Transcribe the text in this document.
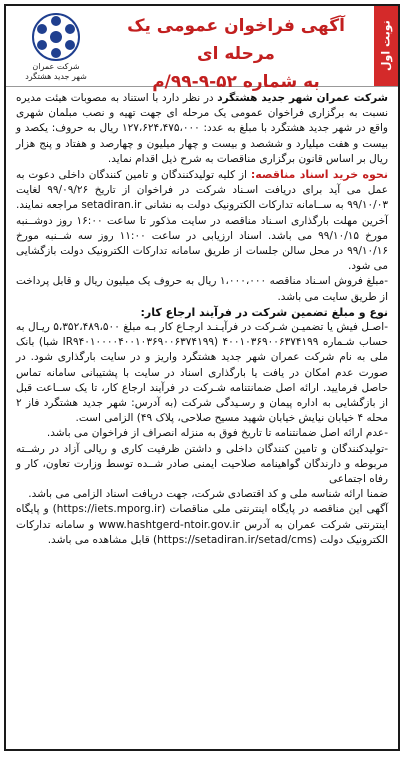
نوبت اول
آگهی فراخوان عمومی یک مرحله ای
به شماره ۵۲-۹-۹۹/م
شرکت عمران
شهر جدید هشتگرد

شرکت عمران شهر جدید هشتگرد در نظر دارد با استناد به مصوبات هیئت مدیره نسبت به برگزاری فراخوان عمومی یک مرحله ای جهت تهیه و نصب مبلمان شهری واقع در شهر جدید هشتگرد با مبلغ به عدد: ۱۲۷،۶۲۴،۴۷۵،۰۰۰ ریال به حروف: یکصد و بیست و هفت میلیارد و ششصد و بیست و چهار میلیون و چهارصد و هفتاد و پنج هزار ریال بر اساس قانون برگزاری مناقصات به شرح ذیل اقدام نماید.

نحوه خرید اسناد مناقصه: از کلیه تولیدکنندگان و تامین کنندگان داخلی دعوت به عمل می آید برای دریافت اسـناد شرکت در فراخوان از تاریخ ۹۹/۰۹/۲۶ لغایت ۹۹/۱۰/۰۳ به ســامانه تدارکات الکترونیک دولت به نشانی setadiran.ir مراجعه نمایند. آخرین مهلت بارگذاری اسـناد مناقصه در سایت مذکور تا ساعت ۱۶:۰۰ روز دوشــنبه مورخ ۹۹/۱۰/۱۵ می باشد. اسناد ارزیابی در ساعت ۱۱:۰۰ روز سه شــنبه مورخ ۹۹/۱۰/۱۶ در محل سالن جلسات از طریق سامانه تدارکات الکترونیک دولت بازگشایی می شود.

-مبلغ فروش اسـناد مناقصه ۱،۰۰۰،۰۰۰ ریال به حروف یک میلیون ریال و قابل پرداخت از طریق سایت می باشد.

نوع و مبلغ تضمین شرکت در فرآیند ارجاع کار:

-اصـل فیش یا تضمیـن شـرکت در فرآیـنـد ارجـاع کار بـه مبلغ ۵،۳۵۲،۴۸۹،۵۰۰ ریـال به حساب شـماره ۴۰۰۱۰۳۶۹۰۰۶۳۷۴۱۹۹ (IR۹۴۰۱۰۰۰۰۴۰۰۱۰۳۶۹۰۰۶۳۷۴۱۹۹ شبا) بانک ملی به نام شرکت عمران شهر جدید هشتگرد واریز و در سایت بارگذاری شود. در صورت عدم امکان در یافت یا بارگذاری اسناد در سایت با پشتیبانی سامانه تماس حاصل فرمایید. ارائه اصل ضمانتنامه شـرکت در فرآیند ارجاع کار، تا یک ســاعت قبل از بازگشایی به اداره پیمان و رسـیدگی شرکت (به آدرس: شهر جدید هشتگرد فاز ۲ محله ۴ خیابان نیایش خیابان شهید مسیح صلاحی، پلاک ۴۹) الزامی است.

-عدم ارائه اصل ضمانتنامه تا تاریخ فوق به منزله انصراف از فراخوان می باشد.

-تولیدکنندگان و تامین کنندگان داخلی و داشتن ظرفیت کاری و ریالی آزاد در رشــته مربوطه و دارندگان گواهینامه صلاحیت ایمنی صادر شــده توسط وزارت تعاون، کار و رفاه اجتماعی

ضمنا ارائه شناسه ملی و کد اقتصادی شرکت، جهت دریافت اسناد الزامی می باشد.

آگهی این مناقصه در پایگاه اینترنتی ملی مناقصات (https://iets.mporg.ir) و پایگاه اینترنتی شرکت عمران به آدرس www.hashtgerd-ntoir.gov.ir و سامانه تدارکات الکترونیک دولت (https://setadiran.ir/setad/cms) قابل مشاهده می باشد.
